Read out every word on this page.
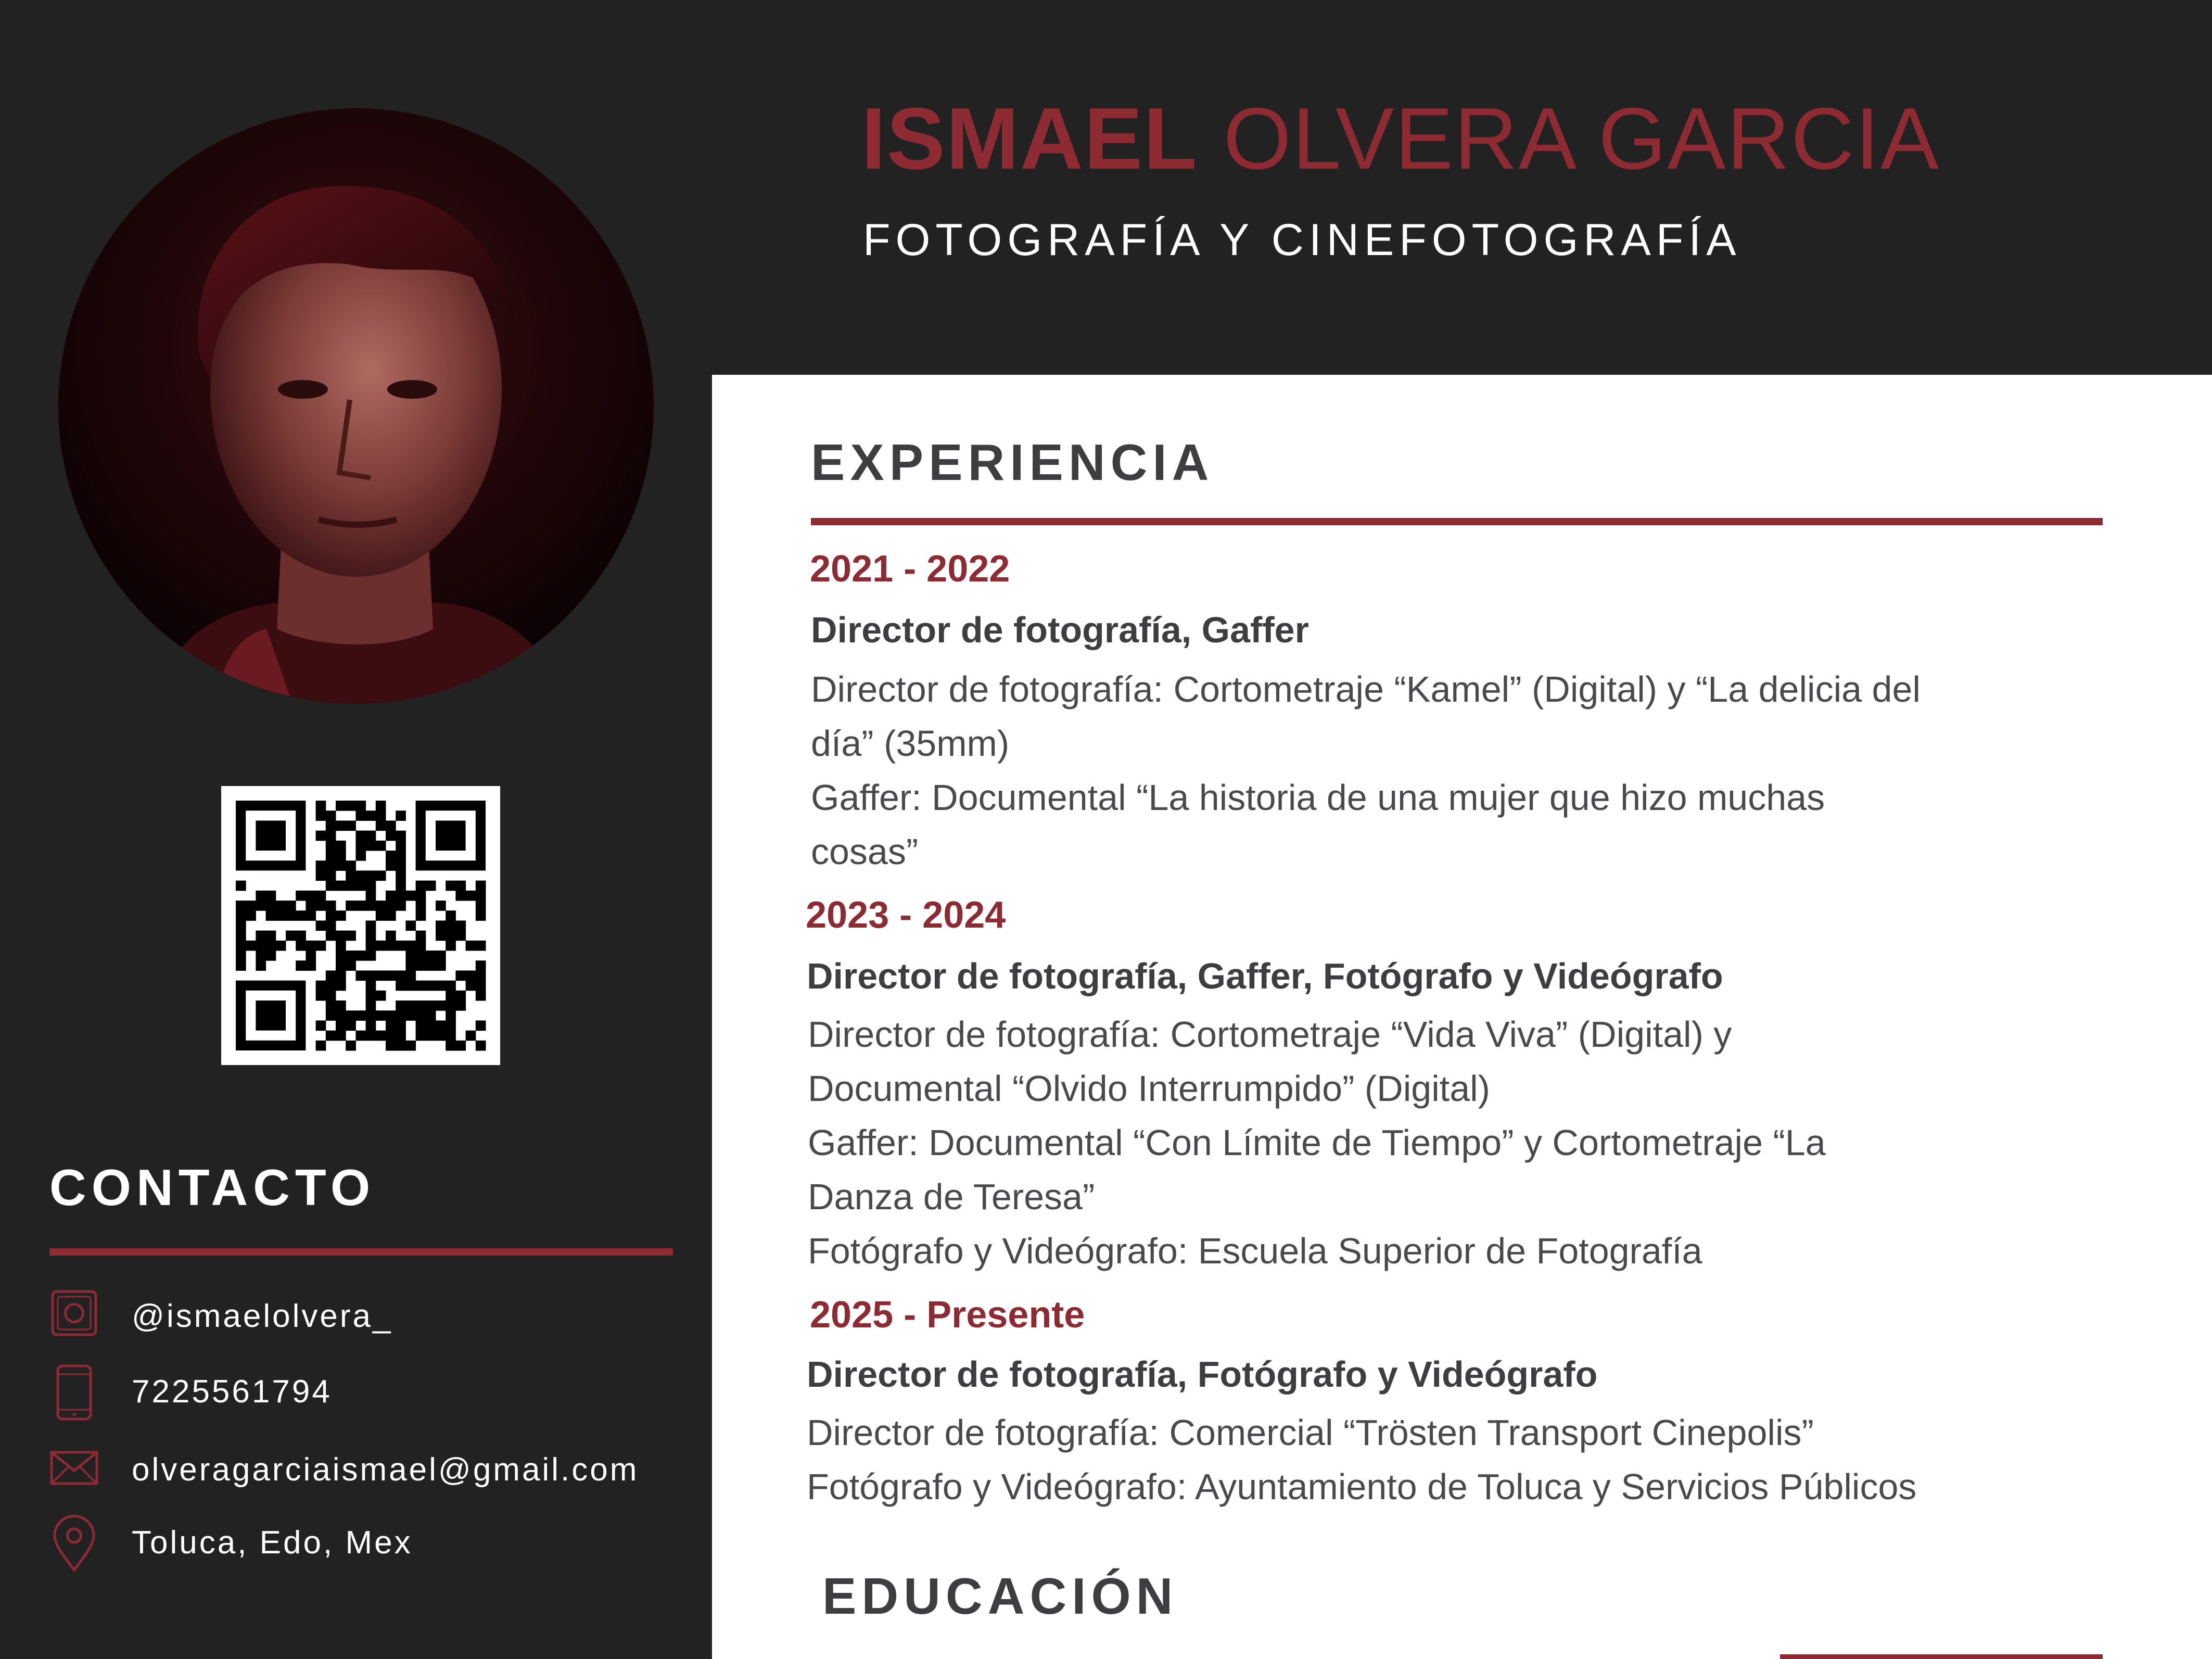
ISMAEL OLVERA GARCIA
FOTOGRAFÍA Y CINEFOTOGRAFÍA
CONTACTO
@ismaelolvera_
7225561794
olveragarciaismael@gmail.com
Toluca, Edo, Mex
EXPERIENCIA
2021 - 2022
Director de fotografía, Gaffer
Director de fotografía: Cortometraje “Kamel” (Digital) y “La delicia del
día” (35mm)
Gaffer: Documental “La historia de una mujer que hizo muchas
cosas”
2023 - 2024
Director de fotografía, Gaffer, Fotógrafo y Videógrafo
Director de fotografía: Cortometraje “Vida Viva” (Digital) y
Documental “Olvido Interrumpido” (Digital)
Gaffer: Documental “Con Límite de Tiempo” y Cortometraje “La
Danza de Teresa”
Fotógrafo y Videógrafo: Escuela Superior de Fotografía
2025 - Presente
Director de fotografía, Fotógrafo y Videógrafo
Director de fotografía: Comercial “Trösten Transport Cinepolis”
Fotógrafo y Videógrafo: Ayuntamiento de Toluca y Servicios Públicos
EDUCACIÓN
